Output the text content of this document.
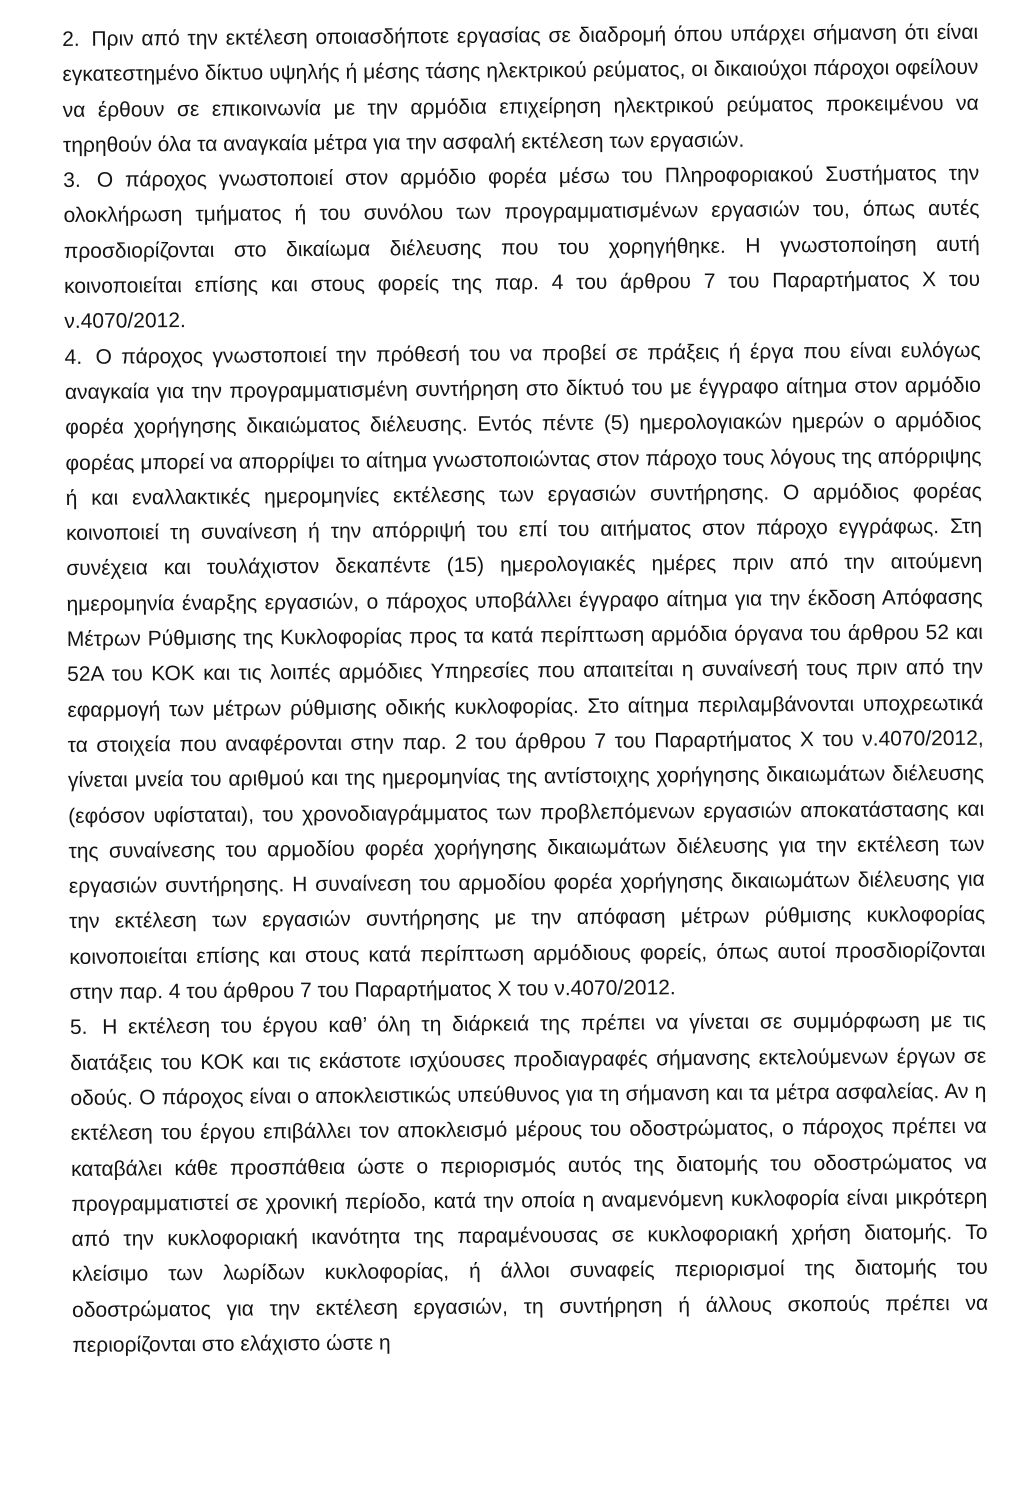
2. Πριν από την εκτέλεση οποιασδήποτε εργασίας σε διαδρομή όπου υπάρχει σήμανση ότι είναι εγκατεστημένο δίκτυο υψηλής ή μέσης τάσης ηλεκτρικού ρεύματος, οι δικαιούχοι πάροχοι οφείλουν να έρθουν σε επικοινωνία με την αρμόδια επιχείρηση ηλεκτρικού ρεύματος προκειμένου να τηρηθούν όλα τα αναγκαία μέτρα για την ασφαλή εκτέλεση των εργασιών.

3. Ο πάροχος γνωστοποιεί στον αρμόδιο φορέα μέσω του Πληροφοριακού Συστήματος την ολοκλήρωση τμήματος ή του συνόλου των προγραμματισμένων εργασιών του, όπως αυτές προσδιορίζονται στο δικαίωμα διέλευσης που του χορηγήθηκε. Η γνωστοποίηση αυτή κοινοποιείται επίσης και στους φορείς της παρ. 4 του άρθρου 7 του Παραρτήματος Χ του ν.4070/2012.

4. Ο πάροχος γνωστοποιεί την πρόθεσή του να προβεί σε πράξεις ή έργα που είναι ευλόγως αναγκαία για την προγραμματισμένη συντήρηση στο δίκτυό του με έγγραφο αίτημα στον αρμόδιο φορέα χορήγησης δικαιώματος διέλευσης. Εντός πέντε (5) ημερολογιακών ημερών ο αρμόδιος φορέας μπορεί να απορρίψει το αίτημα γνωστοποιώντας στον πάροχο τους λόγους της απόρριψης ή και εναλλακτικές ημερομηνίες εκτέλεσης των εργασιών συντήρησης. Ο αρμόδιος φορέας κοινοποιεί τη συναίνεση ή την απόρριψή του επί του αιτήματος στον πάροχο εγγράφως. Στη συνέχεια και τουλάχιστον δεκαπέντε (15) ημερολογιακές ημέρες πριν από την αιτούμενη ημερομηνία έναρξης εργασιών, ο πάροχος υποβάλλει έγγραφο αίτημα για την έκδοση Απόφασης Μέτρων Ρύθμισης της Κυκλοφορίας προς τα κατά περίπτωση αρμόδια όργανα του άρθρου 52 και 52Α του ΚΟΚ και τις λοιπές αρμόδιες Υπηρεσίες που απαιτείται η συναίνεσή τους πριν από την εφαρμογή των μέτρων ρύθμισης οδικής κυκλοφορίας. Στο αίτημα περιλαμβάνονται υποχρεωτικά τα στοιχεία που αναφέρονται στην παρ. 2 του άρθρου 7 του Παραρτήματος Χ του ν.4070/2012, γίνεται μνεία του αριθμού και της ημερομηνίας της αντίστοιχης χορήγησης δικαιωμάτων διέλευσης (εφόσον υφίσταται), του χρονοδιαγράμματος των προβλεπόμενων εργασιών αποκατάστασης και της συναίνεσης του αρμοδίου φορέα χορήγησης δικαιωμάτων διέλευσης για την εκτέλεση των εργασιών συντήρησης. Η συναίνεση του αρμοδίου φορέα χορήγησης δικαιωμάτων διέλευσης για την εκτέλεση των εργασιών συντήρησης με την απόφαση μέτρων ρύθμισης κυκλοφορίας κοινοποιείται επίσης και στους κατά περίπτωση αρμόδιους φορείς, όπως αυτοί προσδιορίζονται στην παρ. 4 του άρθρου 7 του Παραρτήματος Χ του ν.4070/2012.

5. Η εκτέλεση του έργου καθ’ όλη τη διάρκειά της πρέπει να γίνεται σε συμμόρφωση με τις διατάξεις του ΚΟΚ και τις εκάστοτε ισχύουσες προδιαγραφές σήμανσης εκτελούμενων έργων σε οδούς. Ο πάροχος είναι ο αποκλειστικώς υπεύθυνος για τη σήμανση και τα μέτρα ασφαλείας. Αν η εκτέλεση του έργου επιβάλλει τον αποκλεισμό μέρους του οδοστρώματος, ο πάροχος πρέπει να καταβάλει κάθε προσπάθεια ώστε ο περιορισμός αυτός της διατομής του οδοστρώματος να προγραμματιστεί σε χρονική περίοδο, κατά την οποία η αναμενόμενη κυκλοφορία είναι μικρότερη από την κυκλοφοριακή ικανότητα της παραμένουσας σε κυκλοφοριακή χρήση διατομής. Το κλείσιμο των λωρίδων κυκλοφορίας, ή άλλοι συναφείς περιορισμοί της διατομής του οδοστρώματος για την εκτέλεση εργασιών, τη συντήρηση ή άλλους σκοπούς πρέπει να περιορίζονται στο ελάχιστο ώστε η
